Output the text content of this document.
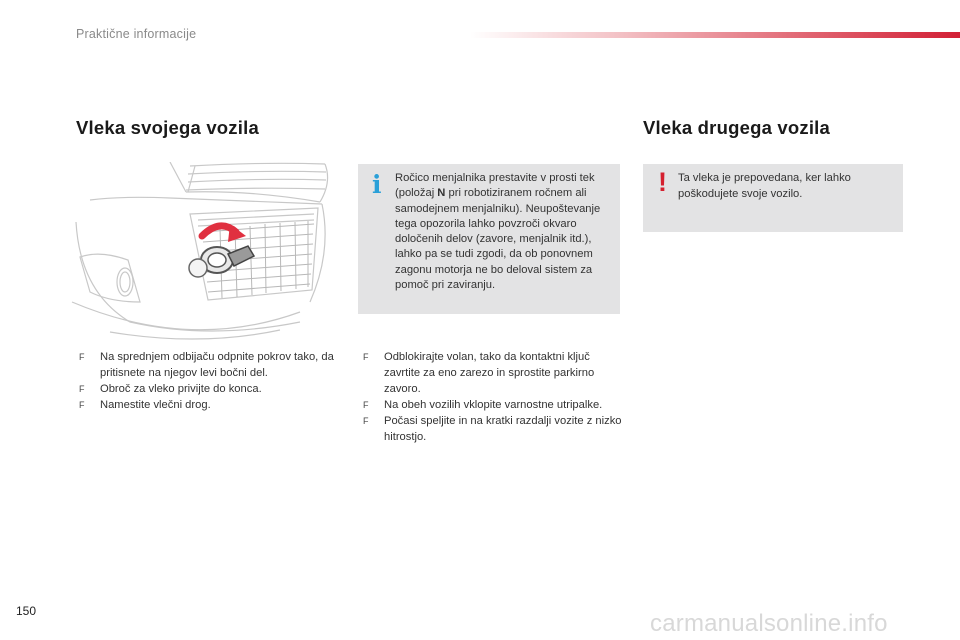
Praktične informacije
Vleka svojega vozila	Vleka drugega vozila
i Ročico menjalnika prestavite v prosti tek (položaj N pri robotiziranem ročnem ali samodejnem menjalniku). Neupoštevanje tega opozorila lahko povzroči okvaro določenih delov (zavore, menjalnik itd.), lahko pa se tudi zgodi, da ob ponovnem zagonu motorja ne bo deloval sistem za pomoč pri zaviranju.
! Ta vleka je prepovedana, ker lahko poškodujete svoje vozilo.
F Na sprednjem odbijaču odpnite pokrov tako, da pritisnete na njegov levi bočni del.
F Obroč za vleko privijte do konca.
F Namestite vlečni drog.
F Odblokirajte volan, tako da kontaktni ključ zavrtite za eno zarezo in sprostite parkirno zavoro.
F Na obeh vozilih vklopite varnostne utripalke.
F Počasi speljite in na kratki razdalji vozite z nizko hitrostjo.
150	carmanualsonline.info
